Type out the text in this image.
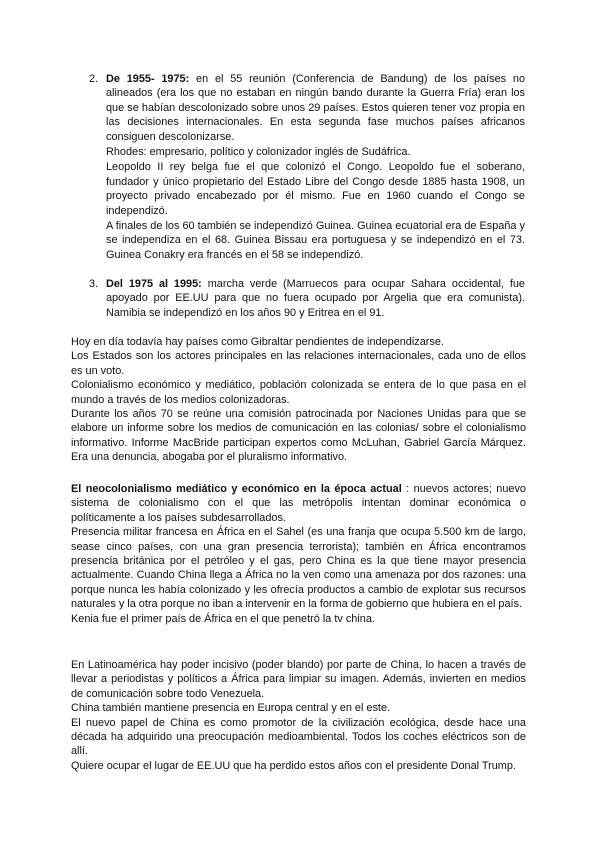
2. De 1955- 1975: en el 55 reunión (Conferencia de Bandung) de los países no alineados (era los que no estaban en ningún bando durante la Guerra Fría) eran los que se habían descolonizado sobre unos 29 países. Estos quieren tener voz propia en las decisiones internacionales. En esta segunda fase muchos países africanos consiguen descolonizarse.

Rhodes: empresario, político y colonizador inglés de Sudáfrica.

Leopoldo II rey belga fue el que colonizó el Congo. Leopoldo fue el soberano, fundador y único propietario del Estado Libre del Congo desde 1885 hasta 1908, un proyecto privado encabezado por él mismo. Fue en 1960 cuando el Congo se independizó.

A finales de los 60 también se independizó Guinea. Guinea ecuatorial era de España y se independiza en el 68. Guinea Bissau era portuguesa y se independizó en el 73. Guinea Conakry era francés en el 58 se independizó.

3. Del 1975 al 1995: marcha verde (Marruecos para ocupar Sahara occidental, fue apoyado por EE.UU para que no fuera ocupado por Argelia que era comunista). Namibia se independizó en los años 90 y Eritrea en el 91.

Hoy en día todavía hay países como Gibraltar pendientes de independizarse.

Los Estados son los actores principales en las relaciones internacionales, cada uno de ellos es un voto.

Colonialismo económico y mediático, población colonizada se entera de lo que pasa en el mundo a través de los medios colonizadoras.

Durante los años 70 se reúne una comisión patrocinada por Naciones Unidas para que se elabore un informe sobre los medios de comunicación en las colonias/ sobre el colonialismo informativo. Informe MacBride participan expertos como McLuhan, Gabriel García Márquez. Era una denuncia, abogaba por el pluralismo informativo.

El neocolonialismo mediático y económico en la época actual : nuevos actores; nuevo sistema de colonialismo con el que las metrópolis intentan dominar económica o políticamente a los países subdesarrollados.

Presencia militar francesa en África en el Sahel (es una franja que ocupa 5.500 km de largo, sease cinco países, con una gran presencia terrorista); también en África encontramos presencia británica por el petróleo y el gas, pero China es la que tiene mayor presencia actualmente. Cuando China llega a África no la ven como una amenaza por dos razones: una porque nunca les había colonizado y les ofrecía productos a cambio de explotar sus recursos naturales y la otra porque no iban a intervenir en la forma de gobierno que hubiera en el país.

Kenia fue el primer país de África en el que penetró la tv china.

En Latinoamérica hay poder incisivo (poder blando) por parte de China, lo hacen a través de llevar a periodistas y políticos a África para limpiar su imagen. Además, invierten en medios de comunicación sobre todo Venezuela.

China también mantiene presencia en Europa central y en el este.

El nuevo papel de China es como promotor de la civilización ecológica, desde hace una década ha adquirido una preocupación medioambiental. Todos los coches eléctricos son de allí.

Quiere ocupar el lugar de EE.UU que ha perdido estos años con el presidente Donal Trump.
